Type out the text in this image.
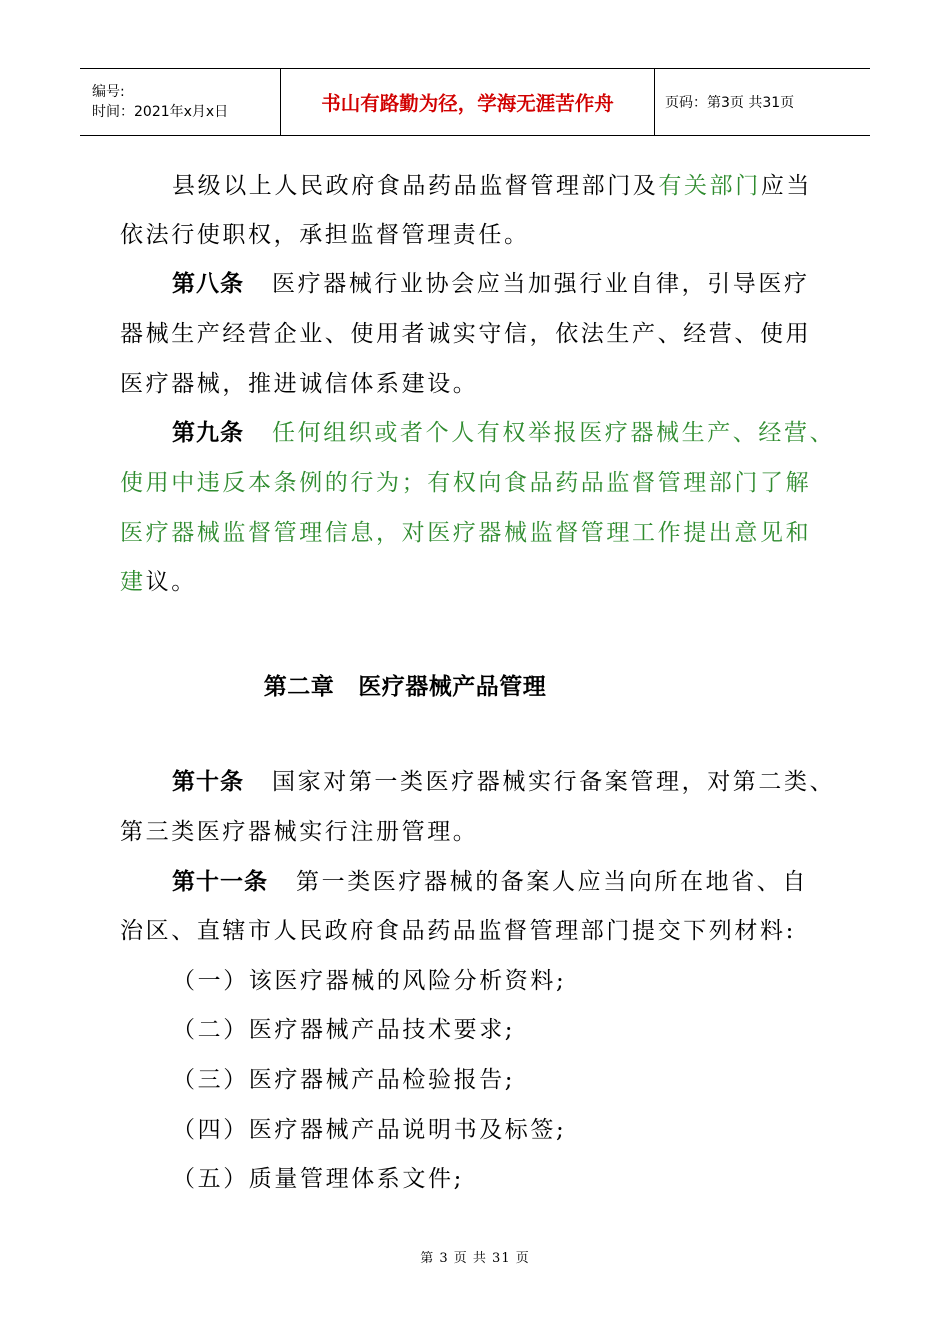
编号:
时间：2021年x月x日	书山有路勤为径，学海无涯苦作舟	页码：第3页 共31页
县级以上人民政府食品药品监督管理部门及有关部门应当
依法行使职权，承担监督管理责任。
第八条 医疗器械行业协会应当加强行业自律，引导医疗
器械生产经营企业、使用者诚实守信，依法生产、经营、使用
医疗器械，推进诚信体系建设。
第九条 任何组织或者个人有权举报医疗器械生产、经营、
使用中违反本条例的行为；有权向食品药品监督管理部门了解
医疗器械监督管理信息，对医疗器械监督管理工作提出意见和
建议。
第二章 医疗器械产品管理
第十条 国家对第一类医疗器械实行备案管理，对第二类、
第三类医疗器械实行注册管理。
第十一条 第一类医疗器械的备案人应当向所在地省、自
治区、直辖市人民政府食品药品监督管理部门提交下列材料:
（一）该医疗器械的风险分析资料;
（二）医疗器械产品技术要求;
（三）医疗器械产品检验报告;
（四）医疗器械产品说明书及标签;
（五）质量管理体系文件;
第 3 页 共 31 页
